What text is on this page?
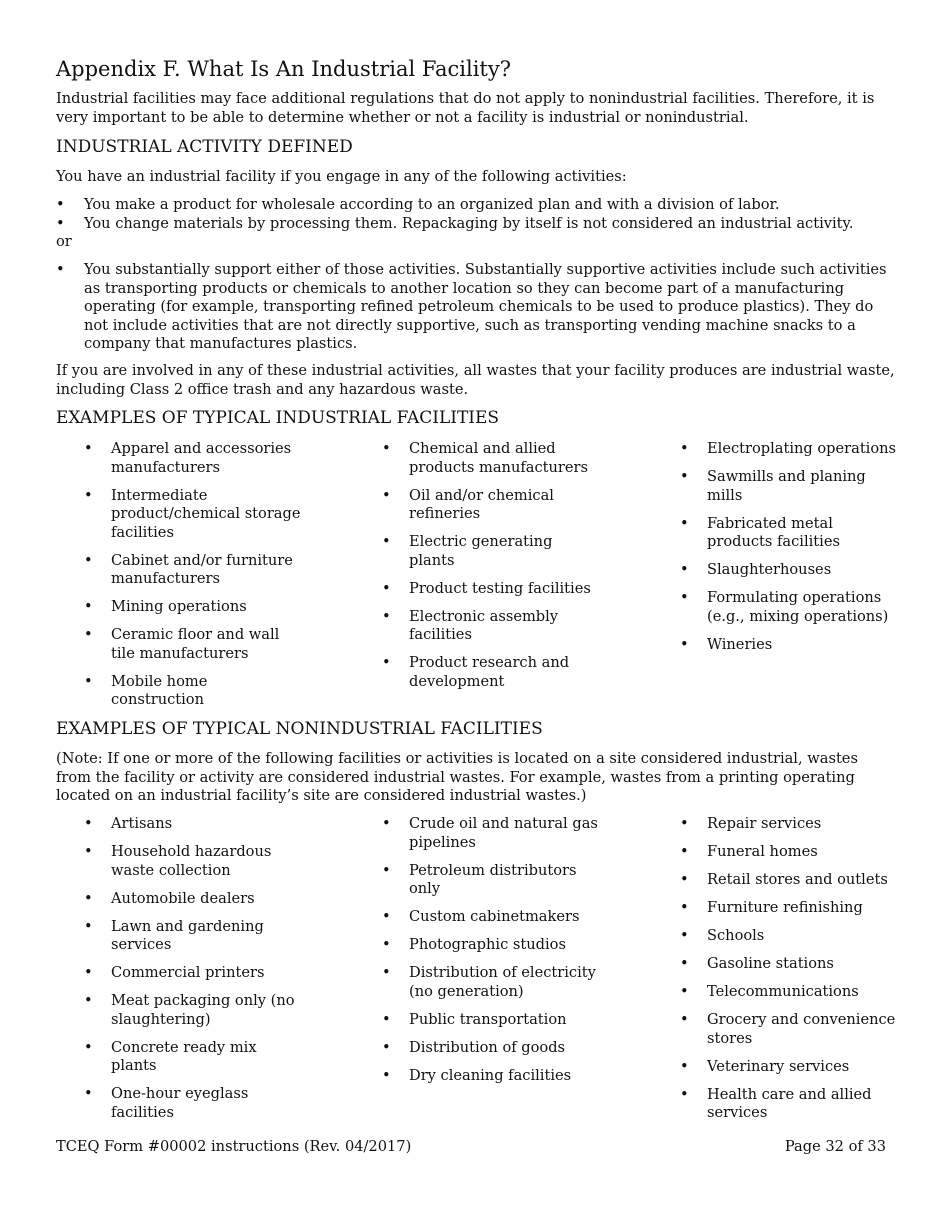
Appendix F. What Is An Industrial Facility?

Industrial facilities may face additional regulations that do not apply to nonindustrial facilities. Therefore, it is very important to be able to determine whether or not a facility is industrial or nonindustrial.

INDUSTRIAL ACTIVITY DEFINED

You have an industrial facility if you engage in any of the following activities:

• You make a product for wholesale according to an organized plan and with a division of labor.
• You change materials by processing them. Repackaging by itself is not considered an industrial activity.
or
• You substantially support either of those activities. Substantially supportive activities include such activities as transporting products or chemicals to another location so they can become part of a manufacturing operating (for example, transporting refined petroleum chemicals to be used to produce plastics). They do not include activities that are not directly supportive, such as transporting vending machine snacks to a company that manufactures plastics.

If you are involved in any of these industrial activities, all wastes that your facility produces are industrial waste, including Class 2 office trash and any hazardous waste.

EXAMPLES OF TYPICAL INDUSTRIAL FACILITIES
• Apparel and accessories manufacturers
• Intermediate product/chemical storage facilities
• Cabinet and/or furniture manufacturers
• Mining operations
• Ceramic floor and wall tile manufacturers
• Mobile home construction
• Chemical and allied products manufacturers
• Oil and/or chemical refineries
• Electric generating plants
• Product testing facilities
• Electronic assembly facilities
• Product research and development
• Electroplating operations
• Sawmills and planing mills
• Fabricated metal products facilities
• Slaughterhouses
• Formulating operations (e.g., mixing operations)
• Wineries
EXAMPLES OF TYPICAL NONINDUSTRIAL FACILITIES

(Note: If one or more of the following facilities or activities is located on a site considered industrial, wastes from the facility or activity are considered industrial wastes. For example, wastes from a printing operating located on an industrial facility’s site are considered industrial wastes.)

• Artisans
• Household hazardous waste collection
• Automobile dealers
• Lawn and gardening services
• Commercial printers
• Meat packaging only (no slaughtering)
• Concrete ready mix plants
• One-hour eyeglass facilities
• Crude oil and natural gas pipelines
• Petroleum distributors only
• Custom cabinetmakers
• Photographic studios
• Distribution of electricity (no generation)
• Public transportation
• Distribution of goods
• Dry cleaning facilities
• Repair services
• Funeral homes
• Retail stores and outlets
• Furniture refinishing
• Schools
• Gasoline stations
• Telecommunications
• Grocery and convenience stores
• Veterinary services
• Health care and allied services
TCEQ Form #00002 instructions (Rev. 04/2017)	Page 32 of 33
